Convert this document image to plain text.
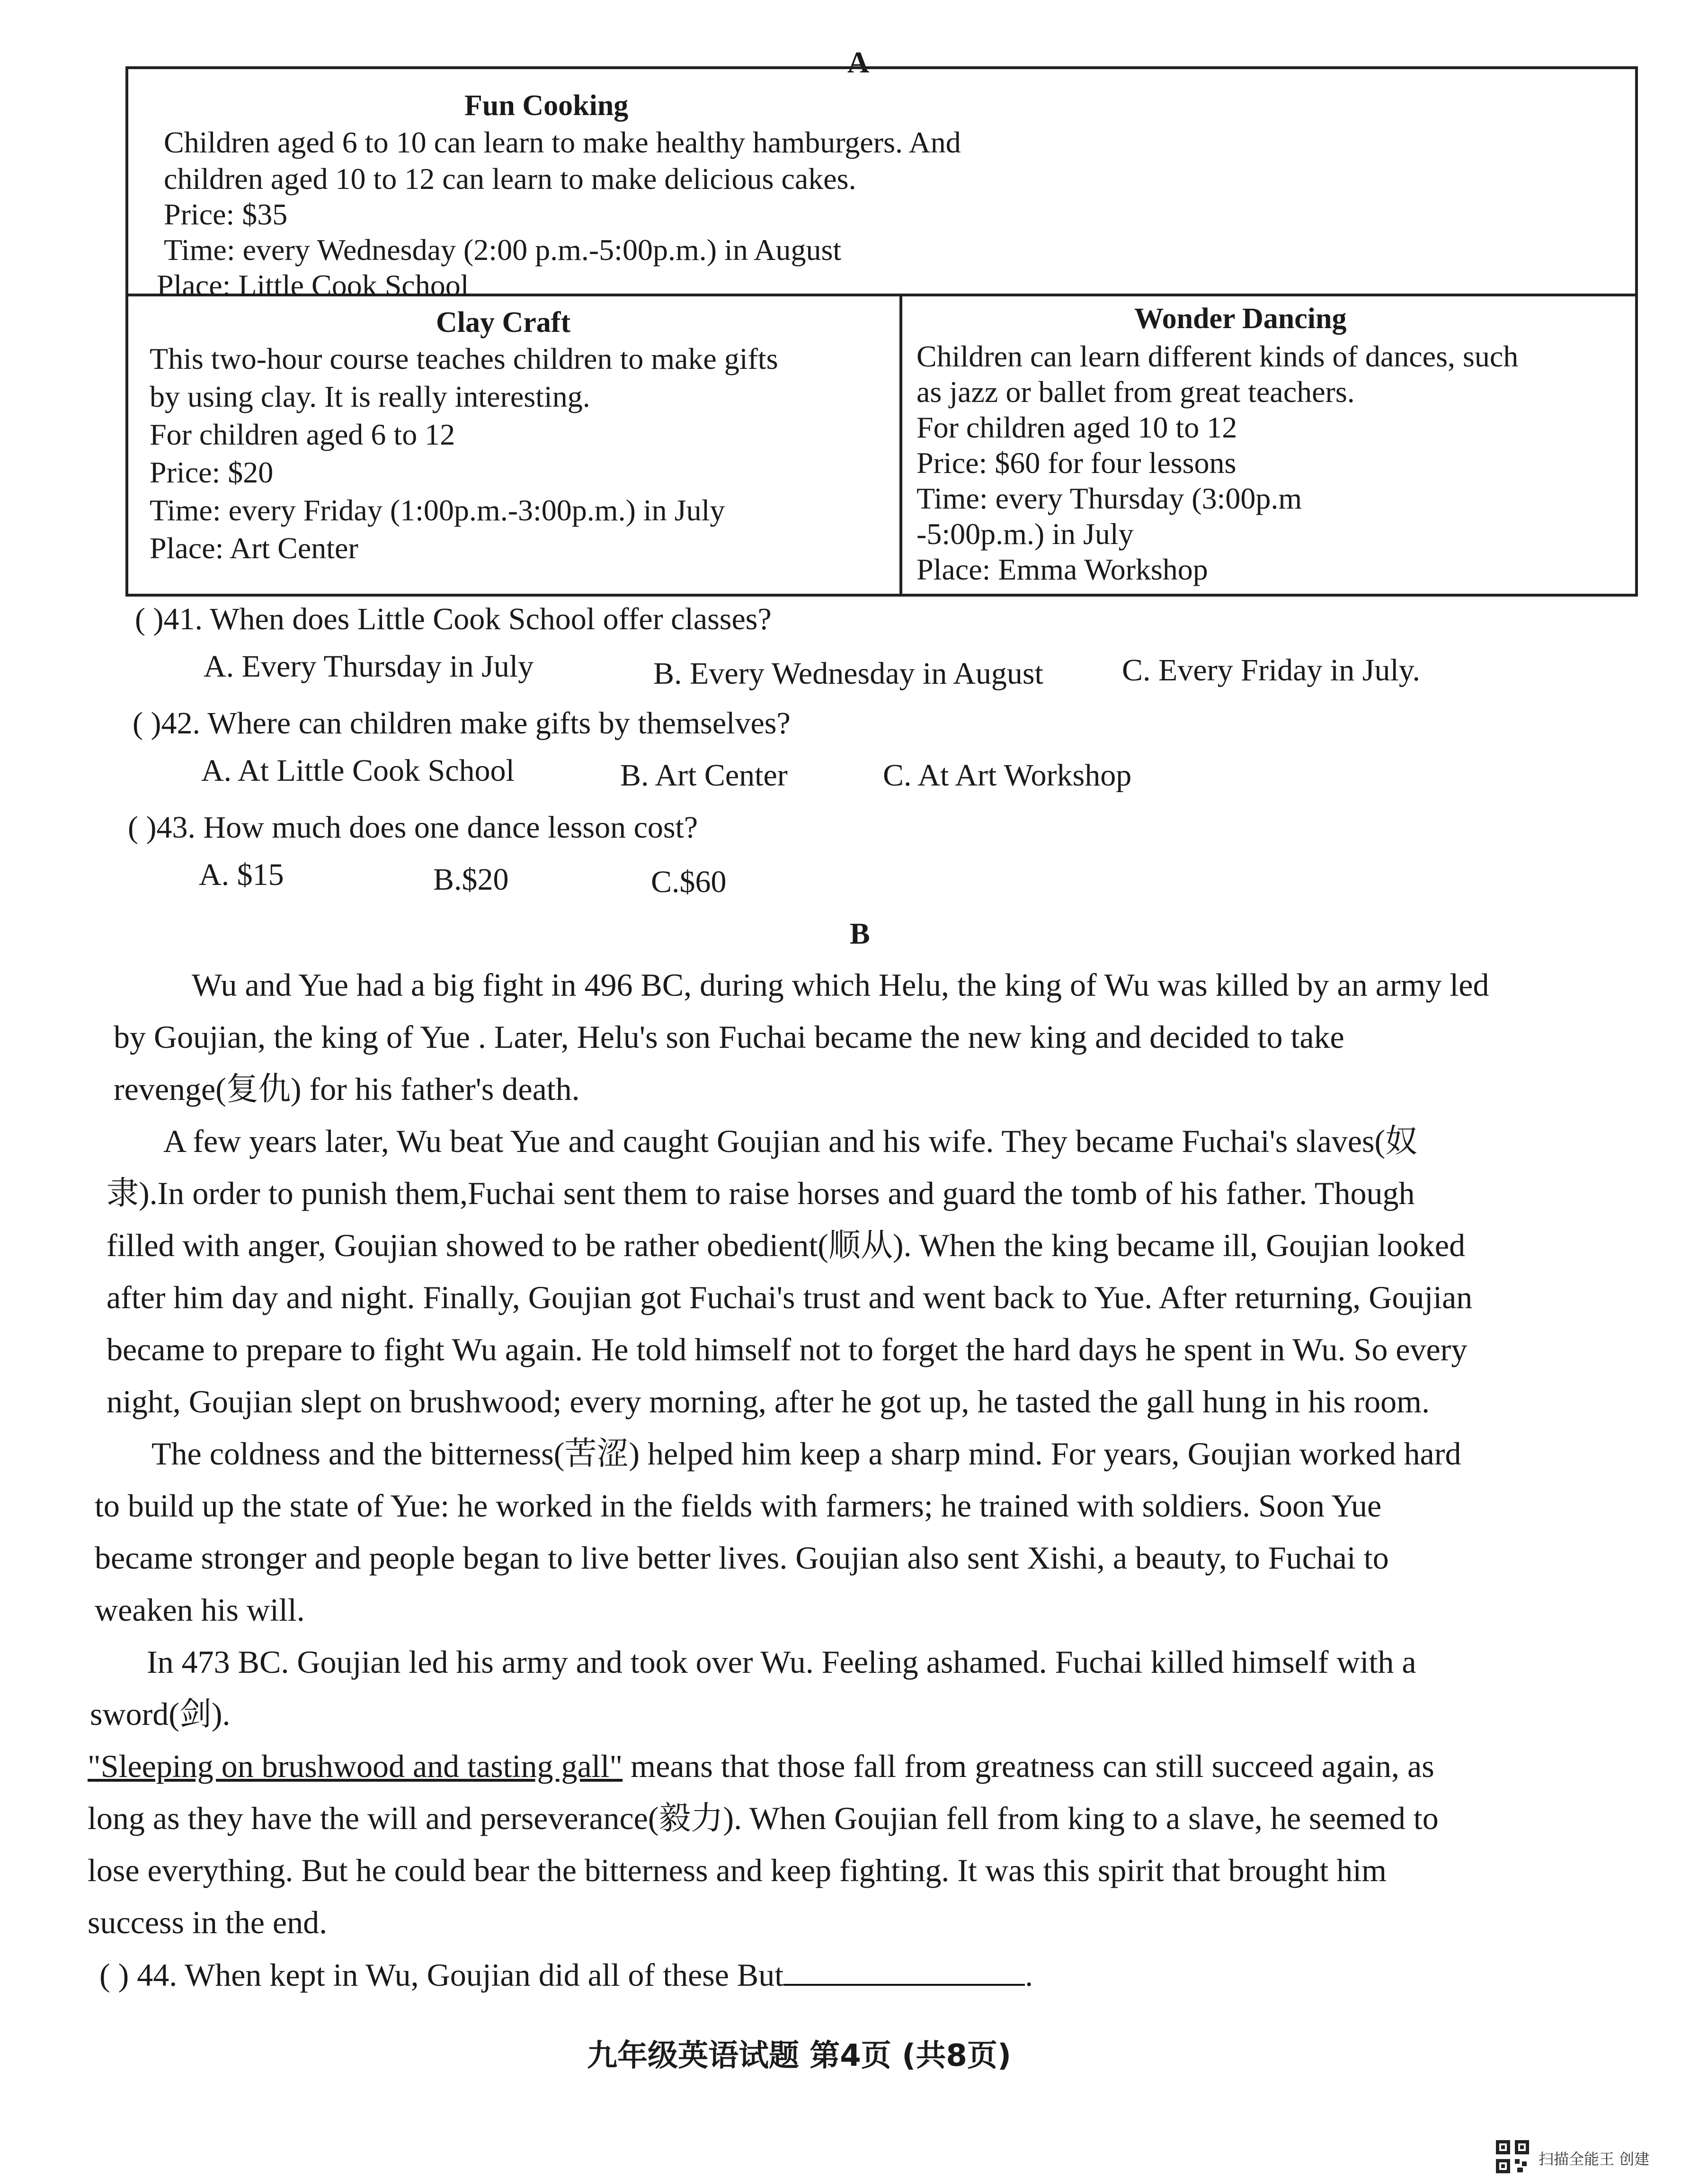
A
Fun Cooking
Children aged 6 to 10 can learn to make healthy hamburgers. And
children aged 10 to 12 can learn to make delicious cakes.
Price: $35
Time: every Wednesday (2:00 p.m.-5:00p.m.) in August
Place: Little Cook School
Clay Craft
This two-hour course teaches children to make gifts
by using clay. It is really interesting.
For children aged 6 to 12
Price: $20
Time: every Friday (1:00p.m.-3:00p.m.) in July
Place: Art Center
Wonder Dancing
Children can learn different kinds of dances, such
as jazz or ballet from great teachers.
For children aged 10 to 12
Price: $60 for four lessons
Time: every Thursday (3:00p.m
-5:00p.m.) in July
Place: Emma Workshop
( )41. When does Little Cook School offer classes?
A. Every Thursday in July	B. Every Wednesday in August	C. Every Friday in July.
( )42. Where can children make gifts by themselves?
A. At Little Cook School	B. Art Center	C. At Art Workshop
( )43. How much does one dance lesson cost?
A. $15	B.$20	C.$60
B
Wu and Yue had a big fight in 496 BC, during which Helu, the king of Wu was killed by an army led
by Goujian, the king of Yue . Later, Helu's son Fuchai became the new king and decided to take
revenge(复仇) for his father's death.
A few years later, Wu beat Yue and caught Goujian and his wife. They became Fuchai's slaves(奴
隶).In order to punish them,Fuchai sent them to raise horses and guard the tomb of his father. Though
filled with anger, Goujian showed to be rather obedient(顺从). When the king became ill, Goujian looked
after him day and night. Finally, Goujian got Fuchai's trust and went back to Yue. After returning, Goujian
became to prepare to fight Wu again. He told himself not to forget the hard days he spent in Wu. So every
night, Goujian slept on brushwood; every morning, after he got up, he tasted the gall hung in his room.
The coldness and the bitterness(苦涩) helped him keep a sharp mind. For years, Goujian worked hard
to build up the state of Yue: he worked in the fields with farmers; he trained with soldiers. Soon Yue
became stronger and people began to live better lives. Goujian also sent Xishi, a beauty, to Fuchai to
weaken his will.
In 473 BC. Goujian led his army and took over Wu. Feeling ashamed. Fuchai killed himself with a
sword(剑).
"Sleeping on brushwood and tasting gall" means that those fall from greatness can still succeed again, as
long as they have the will and perseverance(毅力). When Goujian fell from king to a slave, he seemed to
lose everything. But he could bear the bitterness and keep fighting. It was this spirit that brought him
success in the end.
( ) 44. When kept in Wu, Goujian did all of these But	.
九年级英语试题 第4页 (共8页)
扫描全能王 创建
